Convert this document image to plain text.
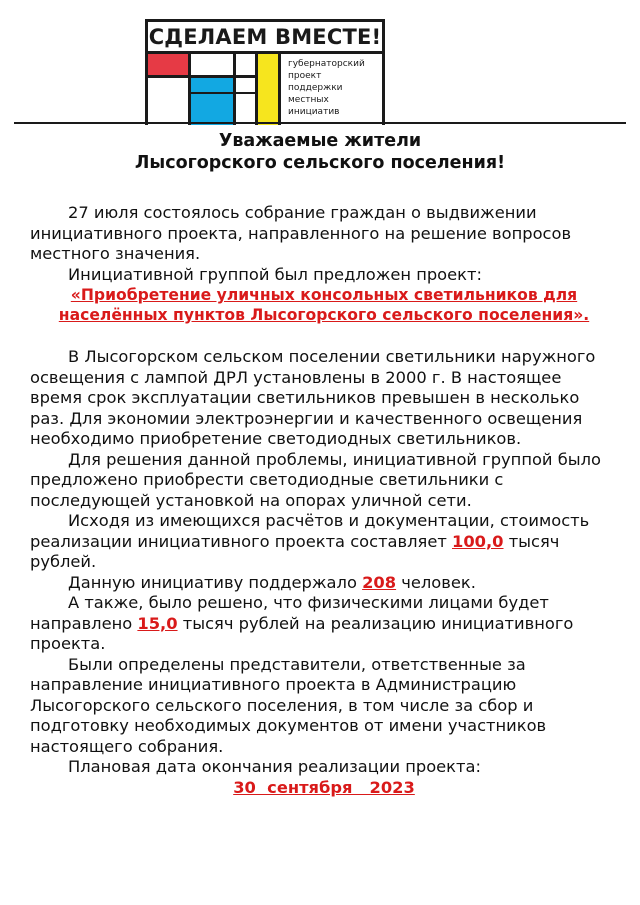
СДЕЛАЕМ ВМЕСТЕ!
губернаторский
проект
поддержки
местных
инициатив
Уважаемые жители
Лысогорского сельского поселения!

27 июля состоялось собрание граждан о выдвижении инициативного проекта, направленного на решение вопросов местного значения.

Инициативной группой был предложен проект:

«Приобретение уличных консольных светильников для населённых пунктов Лысогорского сельского поселения».

В Лысогорском сельском поселении светильники наружного освещения с лампой ДРЛ установлены в 2000 г. В настоящее время срок эксплуатации светильников превышен в несколько раз. Для экономии электроэнергии и качественного освещения необходимо приобретение светодиодных светильников.

Для решения данной проблемы, инициативной группой было предложено приобрести светодиодные светильники с последующей установкой на опорах уличной сети.

Исходя из имеющихся расчётов и документации, стоимость реализации инициативного проекта составляет 100,0 тысяч рублей.

Данную инициативу поддержало 208 человек.

А также, было решено, что физическими лицами будет направлено 15,0 тысяч рублей на реализацию инициативного проекта.

Были определены представители, ответственные за направление инициативного проекта в Администрацию Лысогорского сельского поселения, в том числе за сбор и подготовку необходимых документов от имени участников настоящего собрания.

Плановая дата окончания реализации проекта:

30  сентября   2023
